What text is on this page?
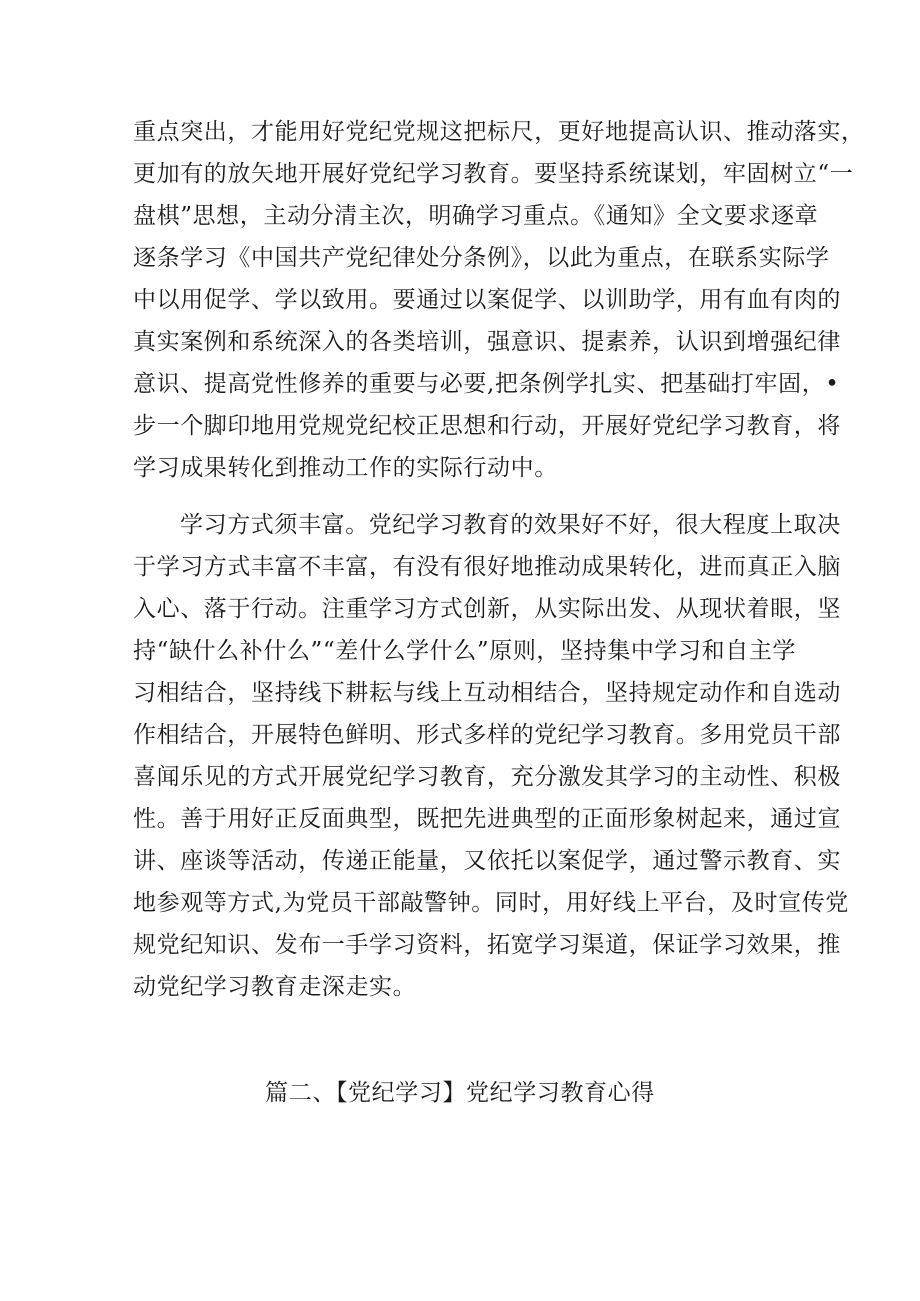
重点突出，才能用好党纪党规这把标尺，更好地提高认识、推动落实，
更加有的放矢地开展好党纪学习教育。要坚持系统谋划，牢固树立“一
盘棋”思想，主动分清主次，明确学习重点。《通知》全文要求逐章
逐条学习《中国共产党纪律处分条例》，以此为重点，在联系实际学
中以用促学、学以致用。要通过以案促学、以训助学，用有血有肉的
真实案例和系统深入的各类培训，强意识、提素养，认识到增强纪律
意识、提高党性修养的重要与必要,把条例学扎实、把基础打牢固，•
步一个脚印地用党规党纪校正思想和行动，开展好党纪学习教育，将
学习成果转化到推动工作的实际行动中。
学习方式须丰富。党纪学习教育的效果好不好，很大程度上取决
于学习方式丰富不丰富，有没有很好地推动成果转化，进而真正入脑
入心、落于行动。注重学习方式创新，从实际出发、从现状着眼，坚
持“缺什么补什么”“差什么学什么”原则，坚持集中学习和自主学
习相结合，坚持线下耕耘与线上互动相结合，坚持规定动作和自选动
作相结合，开展特色鲜明、形式多样的党纪学习教育。多用党员干部
喜闻乐见的方式开展党纪学习教育，充分激发其学习的主动性、积极
性。善于用好正反面典型，既把先进典型的正面形象树起来，通过宣
讲、座谈等活动，传递正能量，又依托以案促学，通过警示教育、实
地参观等方式,为党员干部敲警钟。同时，用好线上平台，及时宣传党
规党纪知识、发布一手学习资料，拓宽学习渠道，保证学习效果，推
动党纪学习教育走深走实。
篇二、【党纪学习】党纪学习教育心得
